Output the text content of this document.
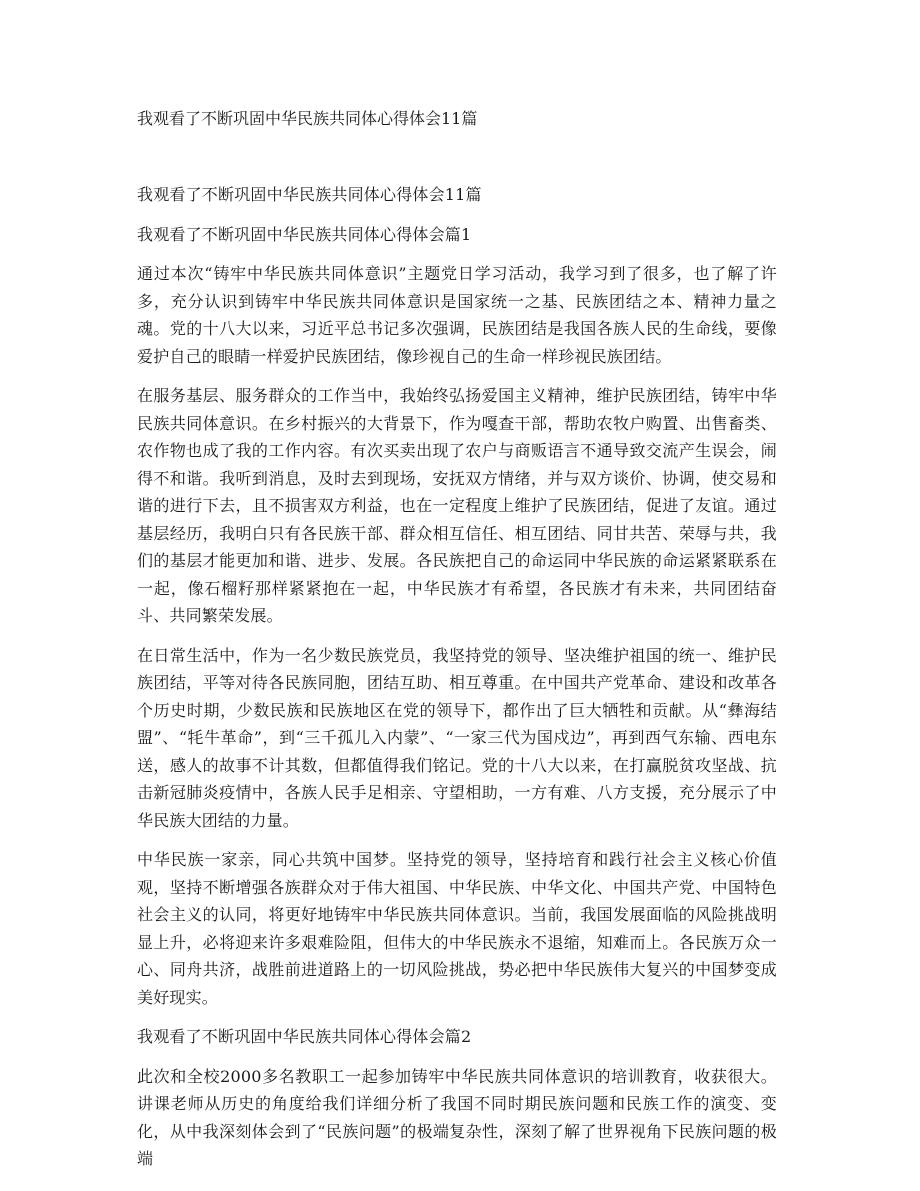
我观看了不断巩固中华民族共同体心得体会11篇

我观看了不断巩固中华民族共同体心得体会11篇

我观看了不断巩固中华民族共同体心得体会篇1

通过本次“铸牢中华民族共同体意识”主题党日学习活动，我学习到了很多，也了解了许多，充分认识到铸牢中华民族共同体意识是国家统一之基、民族团结之本、精神力量之魂。党的十八大以来，习近平总书记多次强调，民族团结是我国各族人民的生命线，要像爱护自己的眼睛一样爱护民族团结，像珍视自己的生命一样珍视民族团结。

在服务基层、服务群众的工作当中，我始终弘扬爱国主义精神，维护民族团结，铸牢中华民族共同体意识。在乡村振兴的大背景下，作为嘎查干部，帮助农牧户购置、出售畜类、农作物也成了我的工作内容。有次买卖出现了农户与商贩语言不通导致交流产生误会，闹得不和谐。我听到消息，及时去到现场，安抚双方情绪，并与双方谈价、协调，使交易和谐的进行下去，且不损害双方利益，也在一定程度上维护了民族团结，促进了友谊。通过基层经历，我明白只有各民族干部、群众相互信任、相互团结、同甘共苦、荣辱与共，我们的基层才能更加和谐、进步、发展。各民族把自己的命运同中华民族的命运紧紧联系在一起，像石榴籽那样紧紧抱在一起，中华民族才有希望，各民族才有未来，共同团结奋斗、共同繁荣发展。

在日常生活中，作为一名少数民族党员，我坚持党的领导、坚决维护祖国的统一、维护民族团结，平等对待各民族同胞，团结互助、相互尊重。在中国共产党革命、建设和改革各个历史时期，少数民族和民族地区在党的领导下，都作出了巨大牺牲和贡献。从“彝海结盟”、“牦牛革命”，到“三千孤儿入内蒙”、“一家三代为国戍边”，再到西气东输、西电东送，感人的故事不计其数，但都值得我们铭记。党的十八大以来，在打赢脱贫攻坚战、抗击新冠肺炎疫情中，各族人民手足相亲、守望相助，一方有难、八方支援，充分展示了中华民族大团结的力量。

中华民族一家亲，同心共筑中国梦。坚持党的领导，坚持培育和践行社会主义核心价值观，坚持不断增强各族群众对于伟大祖国、中华民族、中华文化、中国共产党、中国特色社会主义的认同，将更好地铸牢中华民族共同体意识。当前，我国发展面临的风险挑战明显上升，必将迎来许多艰难险阻，但伟大的中华民族永不退缩，知难而上。各民族万众一心、同舟共济，战胜前进道路上的一切风险挑战，势必把中华民族伟大复兴的中国梦变成美好现实。

我观看了不断巩固中华民族共同体心得体会篇2

此次和全校2000多名教职工一起参加铸牢中华民族共同体意识的培训教育，收获很大。讲课老师从历史的角度给我们详细分析了我国不同时期民族问题和民族工作的演变、变化，从中我深刻体会到了“民族问题”的极端复杂性，深刻了解了世界视角下民族问题的极端
